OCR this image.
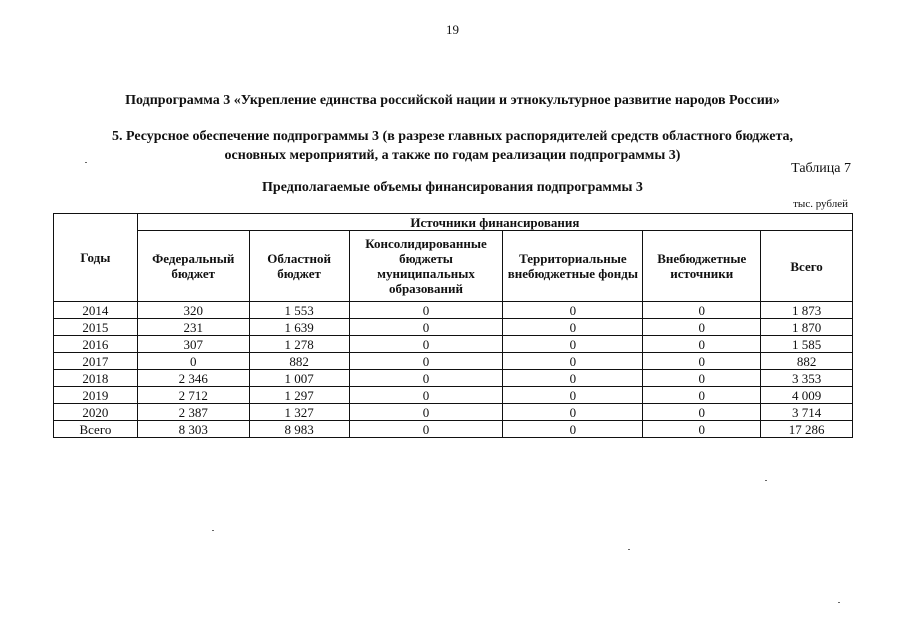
19
Подпрограмма 3 «Укрепление единства российской нации и этнокультурное развитие народов России»
5. Ресурсное обеспечение подпрограммы 3 (в разрезе главных распорядителей средств областного бюджета,
основных мероприятий, а также по годам реализации подпрограммы 3)
Таблица 7
Предполагаемые объемы финансирования подпрограммы 3
тыс. рублей
Годы	Источники финансирования					
	Федеральный бюджет	Областной бюджет	Консолидированные бюджеты муниципальных образований	Территориальные внебюджетные фонды	Внебюджетные источники	Всего
2014	320	1 553	0	0	0	1 873
2015	231	1 639	0	0	0	1 870
2016	307	1 278	0	0	0	1 585
2017	0	882	0	0	0	882
2018	2 346	1 007	0	0	0	3 353
2019	2 712	1 297	0	0	0	4 009
2020	2 387	1 327	0	0	0	3 714
Всего	8 303	8 983	0	0	0	17 286
